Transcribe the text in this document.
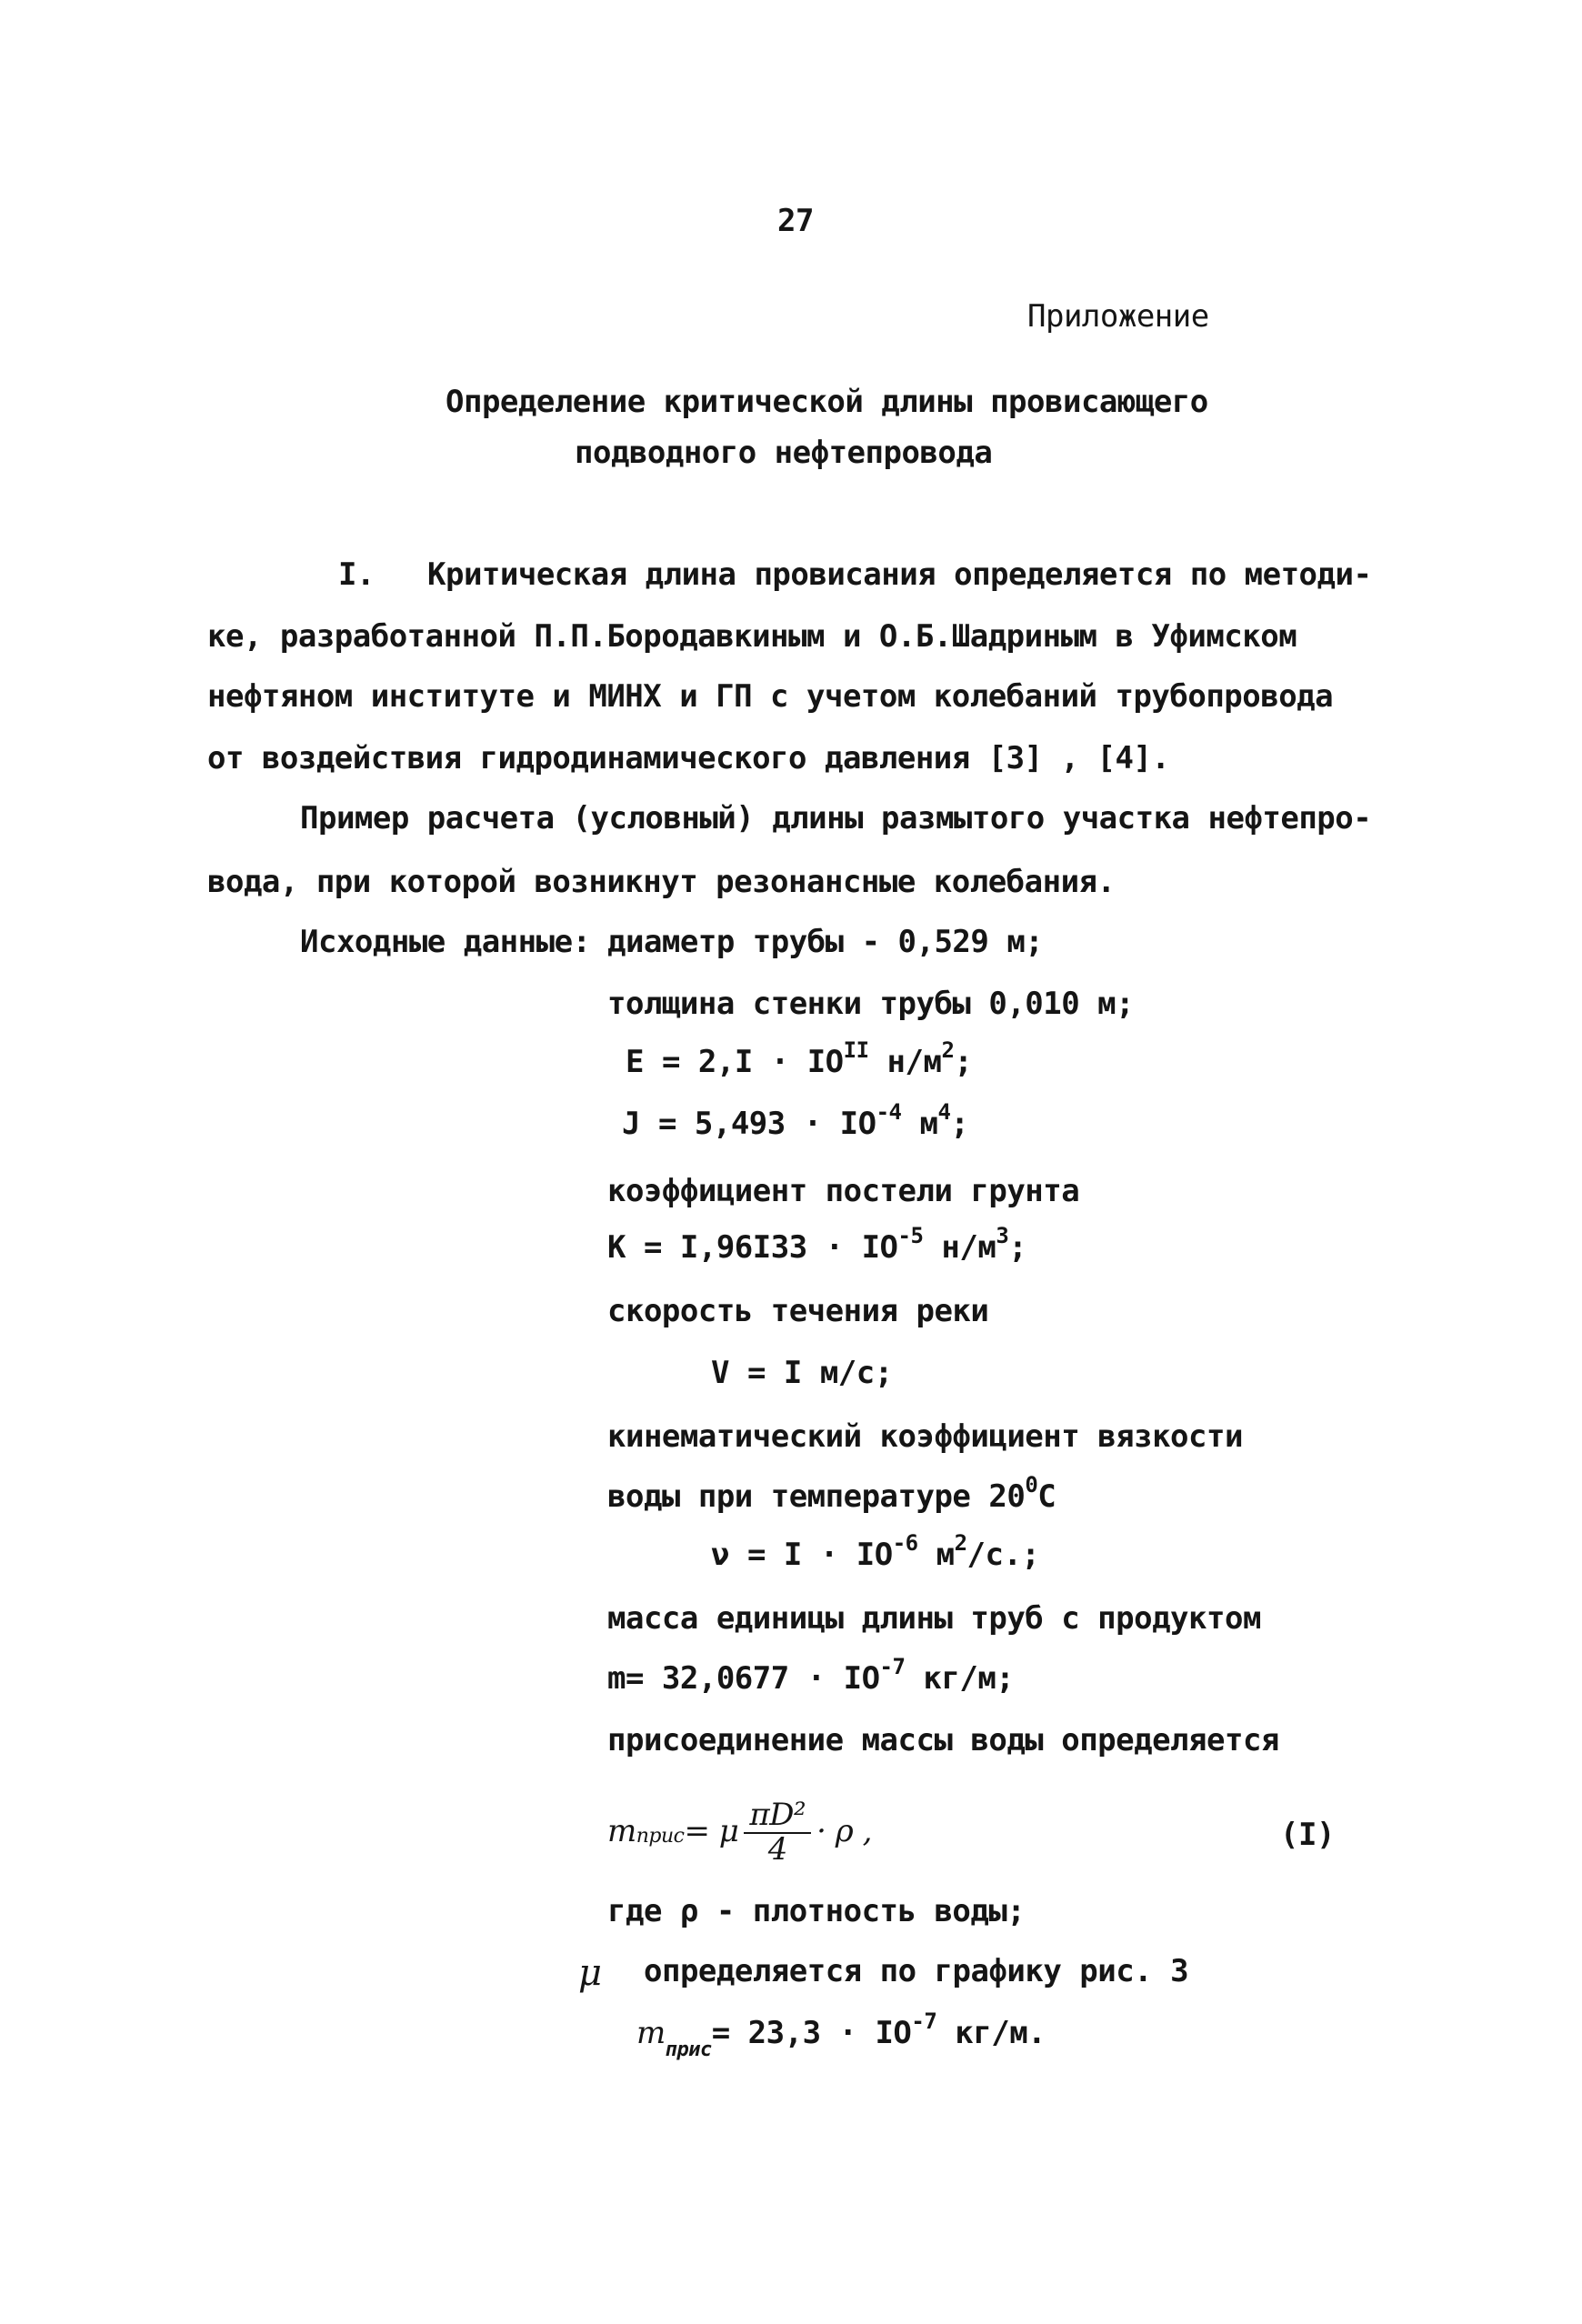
27
Приложение
Определение критической длины провисающего
подводного нефтепровода
I. Критическая длина провисания определяется по методи-
ке, разработанной П.П.Бородавкиным и О.Б.Шадриным в Уфимском
нефтяном институте и МИНХ и ГП с учетом колебаний трубопровода
от воздействия гидродинамического давления [3] , [4].
Пример расчета (условный) длины размытого участка нефтепро-
вода, при которой возникнут резонансные колебания.
Исходные данные: диаметр трубы - 0,529 м;
толщина стенки трубы 0,010 м;
$E = 2,I \cdot IO^{II}$ $н/м^2$;
$J = 5,493 \cdot IO^{-4}$ $м^4$;
коэффициент постели грунта
$K = I,96I33 \cdot IO^{-5}$ $н/м^3$;
скорость течения реки
V = I м/с;
кинематический коэффициент вязкости
воды при температуре $20^0С$
$\nu = I \cdot IO^{-6}$ $м^2/с$.;
масса единицы длины труб с продуктом
$m= 32,0677 \cdot IO^{-7}$ кг/м;
присоединение массы воды определяется
$m_{прис} = \mu \frac{\text{πD²}}{4} \cdot \rho$ ,	(I)
где ρ - плотность воды;
μ определяется по графику рис. 3
$m_{прис}= 23,3 \cdot IO^{-7}$ кг/м.
